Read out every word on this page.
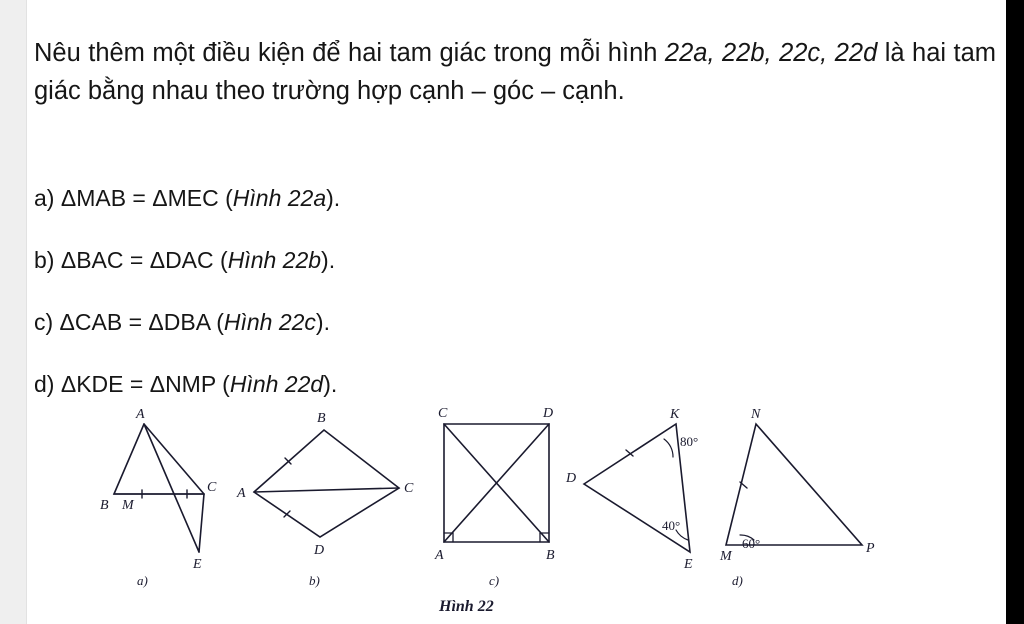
Nêu thêm một điều kiện để hai tam giác trong mỗi hình 22a, 22b, 22c, 22d là hai tam giác bằng nhau theo trường hợp cạnh – góc – cạnh.

a) ΔMAB = ΔMEC (Hình 22a).

b) ΔBAC = ΔDAC (Hình 22b).

c) ΔCAB = ΔDBA (Hình 22c).

d) ΔKDE = ΔNMP (Hình 22d).

A
B M
C
E
a)
B
A	C
D
b)
C	D
A	B
c)
K
D
E
M
N
P
80°
40°
60°
d)
Hình 22
